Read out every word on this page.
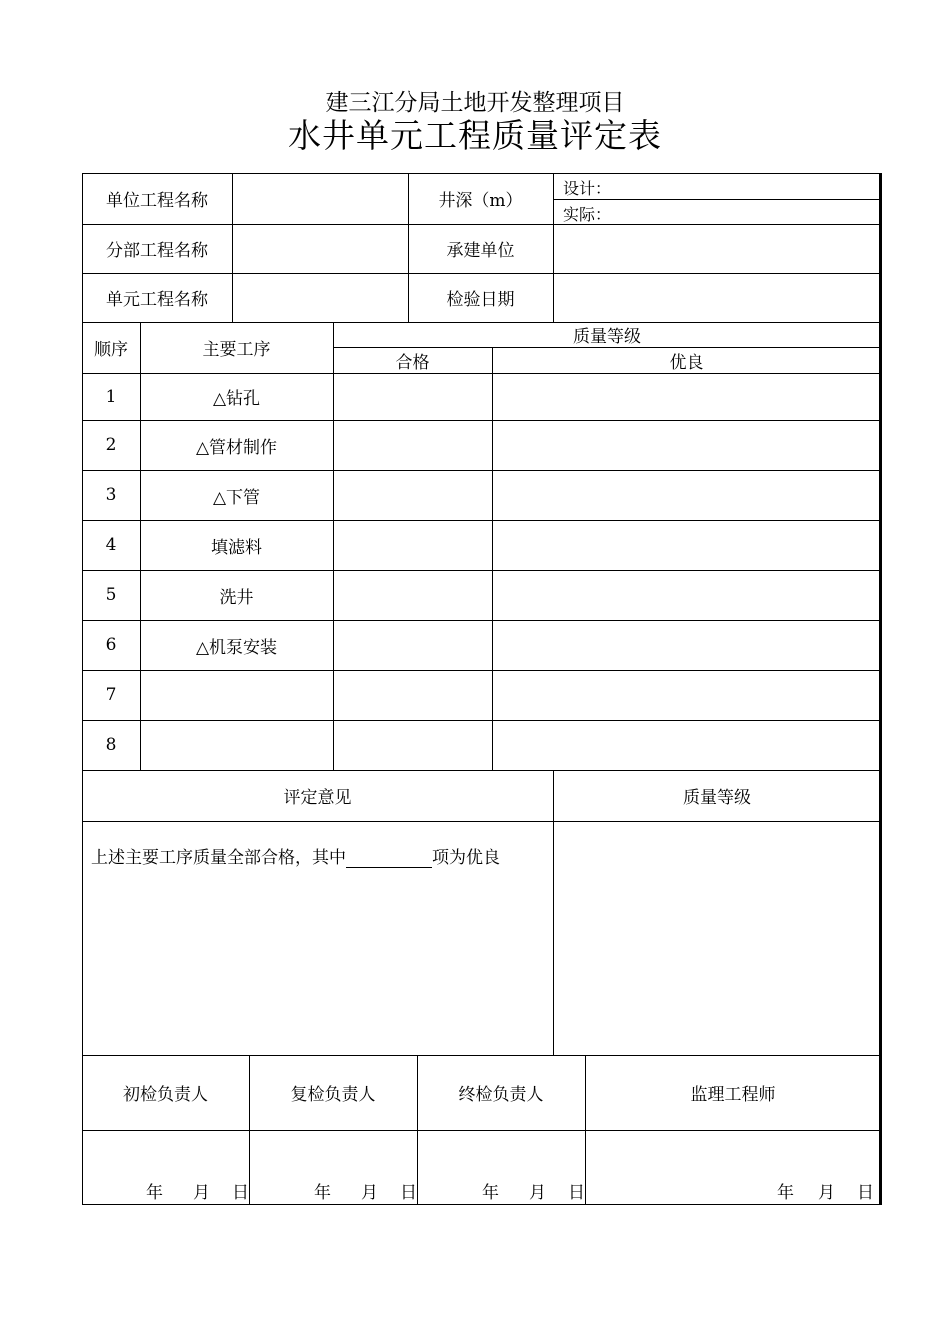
建三江分局土地开发整理项目
水井单元工程质量评定表
单位工程名称	井深（m）
设计：
实际：
分部工程名称	承建单位
单元工程名称	检验日期
顺序	主要工序
质量等级
合格	优良
1	△钻孔
2	△管材制作
3	△下管
4	填滤料
5	洗井
6	△机泵安装
7
8
评定意见	质量等级
上述主要工序质量全部合格，其中	项为优良
初检负责人	复检负责人	终检负责人	监理工程师
年 月 日	年 月 日	年 月 日	年 月 日
